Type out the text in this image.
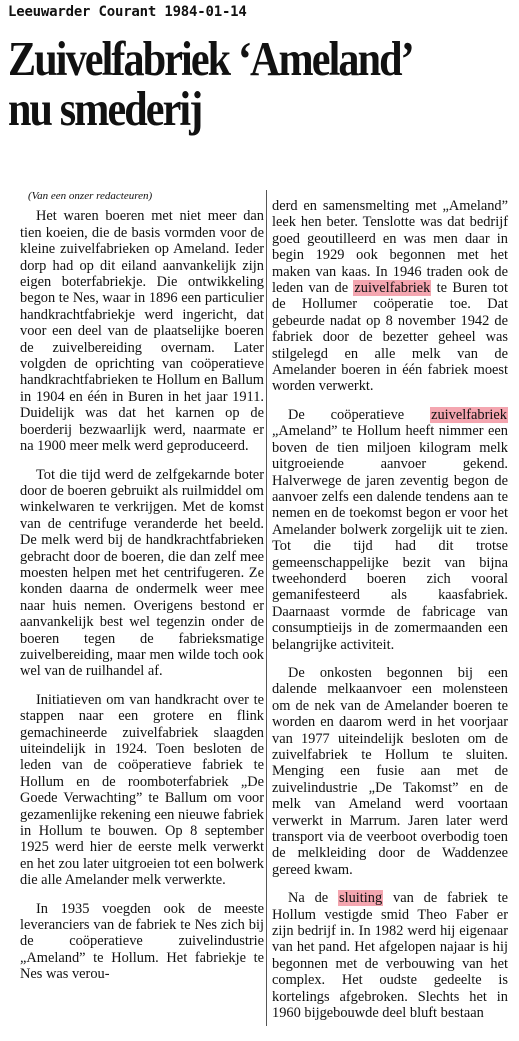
Leeuwarder Courant 1984-01-14
Zuivelfabriek ‘Ameland’
nu smederij
(Van een onzer redacteuren)

Het waren boeren met niet meer dan tien koeien, die de basis vormden voor de kleine zuivelfabrieken op Ameland. Ieder dorp had op dit eiland aanvankelijk zijn eigen boterfabriekje. Die ontwikkeling begon te Nes, waar in 1896 een particulier handkrachtfabriekje werd ingericht, dat voor een deel van de plaatselijke boeren de zuivelbereiding overnam. Later volgden de oprichting van coöperatieve handkrachtfabrieken te Hollum en Ballum in 1904 en één in Buren in het jaar 1911. Duidelijk was dat het karnen op de boerderij bezwaarlijk werd, naarmate er na 1900 meer melk werd geproduceerd.

Tot die tijd werd de zelfgekarnde boter door de boeren gebruikt als ruilmiddel om winkelwaren te verkrijgen. Met de komst van de centrifuge veranderde het beeld. De melk werd bij de handkrachtfabrieken gebracht door de boeren, die dan zelf mee moesten helpen met het centrifugeren. Ze konden daarna de ondermelk weer mee naar huis nemen. Overigens bestond er aanvankelijk best wel tegenzin onder de boeren tegen de fabrieksmatige zuivelbereiding, maar men wilde toch ook wel van de ruilhandel af.

Initiatieven om van handkracht over te stappen naar een grotere en flink gemachineerde zuivelfabriek slaagden uiteindelijk in 1924. Toen besloten de leden van de coöperatieve fabriek te Hollum en de roomboterfabriek „De Goede Verwachting” te Ballum om voor gezamenlijke rekening een nieuwe fabriek in Hollum te bouwen. Op 8 september 1925 werd hier de eerste melk verwerkt en het zou later uitgroeien tot een bolwerk die alle Amelander melk verwerkte.

In 1935 voegden ook de meeste leveranciers van de fabriek te Nes zich bij de coöperatieve zuivelindustrie „Ameland” te Hollum. Het fabriekje te Nes was verou-

derd en samensmelting met „Ameland” leek hen beter. Tenslotte was dat bedrijf goed geoutilleerd en was men daar in begin 1929 ook begonnen met het maken van kaas. In 1946 traden ook de leden van de zuivelfabriek te Buren tot de Hollumer coöperatie toe. Dat gebeurde nadat op 8 november 1942 de fabriek door de bezetter geheel was stilgelegd en alle melk van de Amelander boeren in één fabriek moest worden verwerkt.

De coöperatieve zuivelfabriek „Ameland” te Hollum heeft nimmer een boven de tien miljoen kilogram melk uitgroeiende aanvoer gekend. Halverwege de jaren zeventig begon de aanvoer zelfs een dalende tendens aan te nemen en de toekomst begon er voor het Amelander bolwerk zorgelijk uit te zien. Tot die tijd had dit trotse gemeenschappelijke bezit van bijna tweehonderd boeren zich vooral gemanifesteerd als kaasfabriek. Daarnaast vormde de fabricage van consumptieijs in de zomermaanden een belangrijke activiteit.

De onkosten begonnen bij een dalende melkaanvoer een molensteen om de nek van de Amelander boeren te worden en daarom werd in het voorjaar van 1977 uiteindelijk besloten om de zuivelfabriek te Hollum te sluiten. Menging een fusie aan met de zuivelindustrie „De Takomst” en de melk van Ameland werd voortaan verwerkt in Marrum. Jaren later werd transport via de veerboot overbodig toen de melkleiding door de Waddenzee gereed kwam.

Na de sluiting van de fabriek te Hollum vestigde smid Theo Faber er zijn bedrijf in. In 1982 werd hij eigenaar van het pand. Het afgelopen najaar is hij begonnen met de verbouwing van het complex. Het oudste gedeelte is kortelings afgebroken. Slechts het in 1960 bijgebouwde deel bluft bestaan
